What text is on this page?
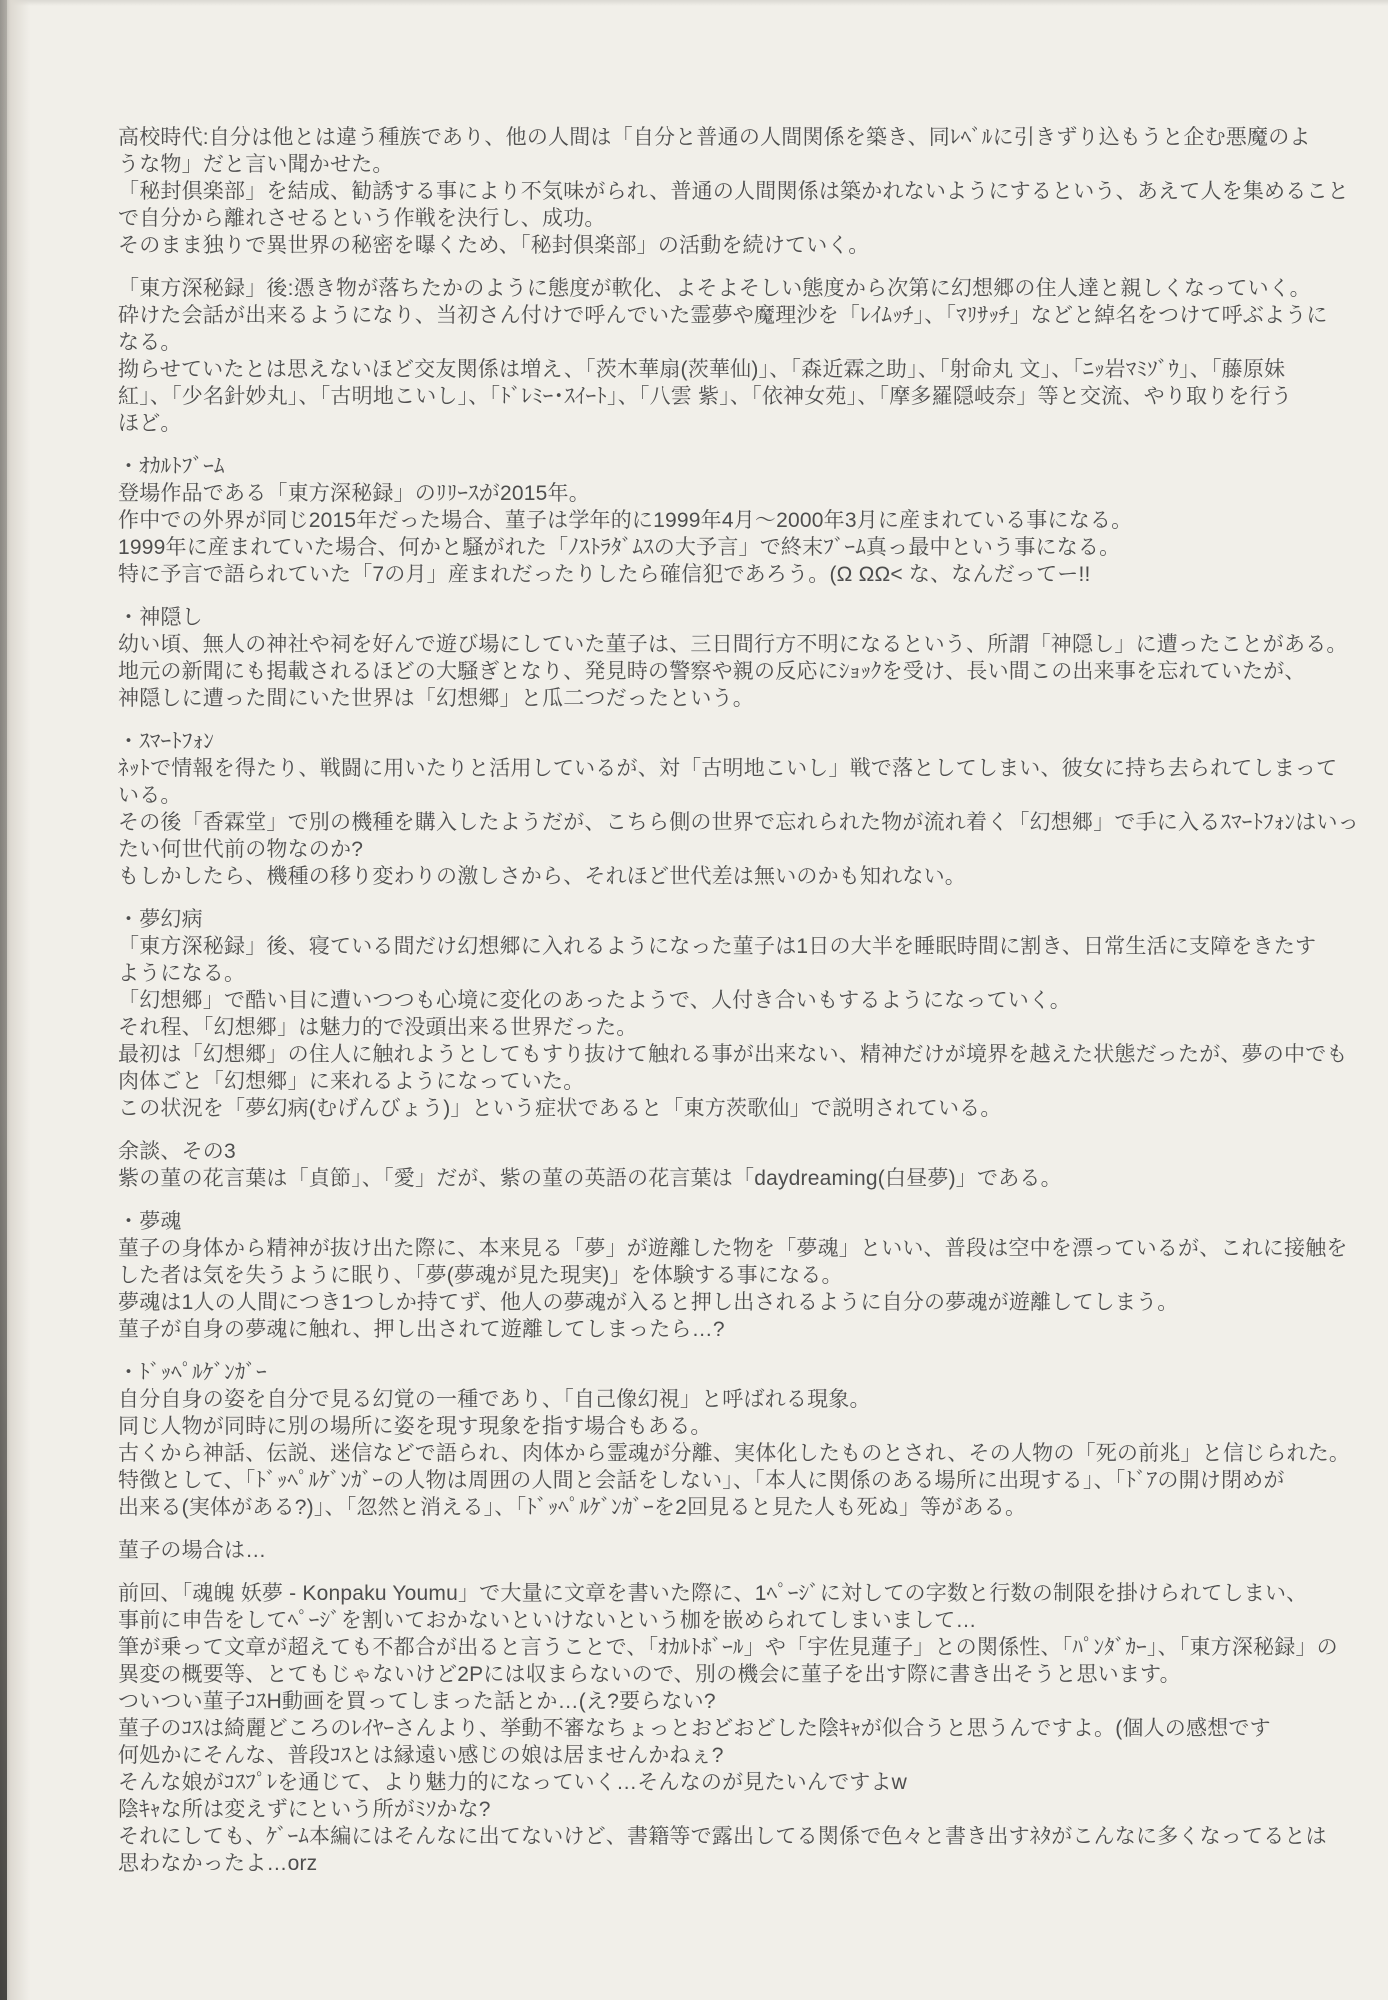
高校時代:自分は他とは違う種族であり、他の人間は「自分と普通の人間関係を築き、同ﾚﾍﾞﾙに引きずり込もうと企む悪魔のよ
うな物」だと言い聞かせた。
「秘封倶楽部」を結成、勧誘する事により不気味がられ、普通の人間関係は築かれないようにするという、あえて人を集めること
で自分から離れさせるという作戦を決行し、成功。
そのまま独りで異世界の秘密を曝くため、「秘封倶楽部」の活動を続けていく。
「東方深秘録」後:憑き物が落ちたかのように態度が軟化、よそよそしい態度から次第に幻想郷の住人達と親しくなっていく。
砕けた会話が出来るようになり、当初さん付けで呼んでいた霊夢や魔理沙を「ﾚｲﾑｯﾁ」、「ﾏﾘｻｯﾁ」などと綽名をつけて呼ぶように
なる。
拗らせていたとは思えないほど交友関係は増え、「茨木華扇(茨華仙)」、「森近霖之助」、「射命丸 文」、「ﾆｯ岩ﾏﾐｿﾞｳ」、「藤原妹
紅」、「少名針妙丸」、「古明地こいし」、「ﾄﾞﾚﾐｰ･ｽｲｰﾄ」、「八雲 紫」、「依神女苑」、「摩多羅隠岐奈」等と交流、やり取りを行う
ほど。
・ｵｶﾙﾄﾌﾞｰﾑ
登場作品である「東方深秘録」のﾘﾘｰｽが2015年。
作中での外界が同じ2015年だった場合、菫子は学年的に1999年4月〜2000年3月に産まれている事になる。
1999年に産まれていた場合、何かと騒がれた「ﾉｽﾄﾗﾀﾞﾑｽの大予言」で終末ﾌﾞｰﾑ真っ最中という事になる。
特に予言で語られていた「7の月」産まれだったりしたら確信犯であろう。(Ω ΩΩ< な、なんだってー!!
・神隠し
幼い頃、無人の神社や祠を好んで遊び場にしていた菫子は、三日間行方不明になるという、所謂「神隠し」に遭ったことがある。
地元の新聞にも掲載されるほどの大騒ぎとなり、発見時の警察や親の反応にｼｮｯｸを受け、長い間この出来事を忘れていたが、
神隠しに遭った間にいた世界は「幻想郷」と瓜二つだったという。
・ｽﾏｰﾄﾌｫﾝ
ﾈｯﾄで情報を得たり、戦闘に用いたりと活用しているが、対「古明地こいし」戦で落としてしまい、彼女に持ち去られてしまって
いる。
その後「香霖堂」で別の機種を購入したようだが、こちら側の世界で忘れられた物が流れ着く「幻想郷」で手に入るｽﾏｰﾄﾌｫﾝはいっ
たい何世代前の物なのか?
もしかしたら、機種の移り変わりの激しさから、それほど世代差は無いのかも知れない。
・夢幻病
「東方深秘録」後、寝ている間だけ幻想郷に入れるようになった菫子は1日の大半を睡眠時間に割き、日常生活に支障をきたす
ようになる。
「幻想郷」で酷い目に遭いつつも心境に変化のあったようで、人付き合いもするようになっていく。
それ程、「幻想郷」は魅力的で没頭出来る世界だった。
最初は「幻想郷」の住人に触れようとしてもすり抜けて触れる事が出来ない、精神だけが境界を越えた状態だったが、夢の中でも
肉体ごと「幻想郷」に来れるようになっていた。
この状況を「夢幻病(むげんびょう)」という症状であると「東方茨歌仙」で説明されている。
余談、その3
紫の菫の花言葉は「貞節」、「愛」だが、紫の菫の英語の花言葉は「daydreaming(白昼夢)」である。
・夢魂
菫子の身体から精神が抜け出た際に、本来見る「夢」が遊離した物を「夢魂」といい、普段は空中を漂っているが、これに接触を
した者は気を失うように眠り、「夢(夢魂が見た現実)」を体験する事になる。
夢魂は1人の人間につき1つしか持てず、他人の夢魂が入ると押し出されるように自分の夢魂が遊離してしまう。
菫子が自身の夢魂に触れ、押し出されて遊離してしまったら…?
・ﾄﾞｯﾍﾟﾙｹﾞﾝｶﾞｰ
自分自身の姿を自分で見る幻覚の一種であり、「自己像幻視」と呼ばれる現象。
同じ人物が同時に別の場所に姿を現す現象を指す場合もある。
古くから神話、伝説、迷信などで語られ、肉体から霊魂が分離、実体化したものとされ、その人物の「死の前兆」と信じられた。
特徴として、「ﾄﾞｯﾍﾟﾙｹﾞﾝｶﾞｰの人物は周囲の人間と会話をしない」、「本人に関係のある場所に出現する」、「ﾄﾞｱの開け閉めが
出来る(実体がある?)」、「忽然と消える」、「ﾄﾞｯﾍﾟﾙｹﾞﾝｶﾞｰを2回見ると見た人も死ぬ」等がある。
菫子の場合は…
前回、「魂魄 妖夢 - Konpaku Youmu」で大量に文章を書いた際に、1ﾍﾟｰｼﾞに対しての字数と行数の制限を掛けられてしまい、
事前に申告をしてﾍﾟｰｼﾞを割いておかないといけないという枷を嵌められてしまいまして…
筆が乗って文章が超えても不都合が出ると言うことで、「ｵｶﾙﾄﾎﾞｰﾙ」や「宇佐見蓮子」との関係性、「ﾊﾟﾝﾀﾞｶｰ」、「東方深秘録」の
異変の概要等、とてもじゃないけど2Pには収まらないので、別の機会に菫子を出す際に書き出そうと思います。
ついつい菫子ｺｽH動画を買ってしまった話とか…(え?要らない?
菫子のｺｽは綺麗どころのﾚｲﾔｰさんより、挙動不審なちょっとおどおどした陰ｷｬが似合うと思うんですよ。(個人の感想です
何処かにそんな、普段ｺｽとは縁遠い感じの娘は居ませんかねぇ?
そんな娘がｺｽﾌﾟﾚを通じて、より魅力的になっていく…そんなのが見たいんですよw
陰ｷｬな所は変えずにという所がﾐｿかな?
それにしても、ｹﾞｰﾑ本編にはそんなに出てないけど、書籍等で露出してる関係で色々と書き出すﾈﾀがこんなに多くなってるとは
思わなかったよ…orz
